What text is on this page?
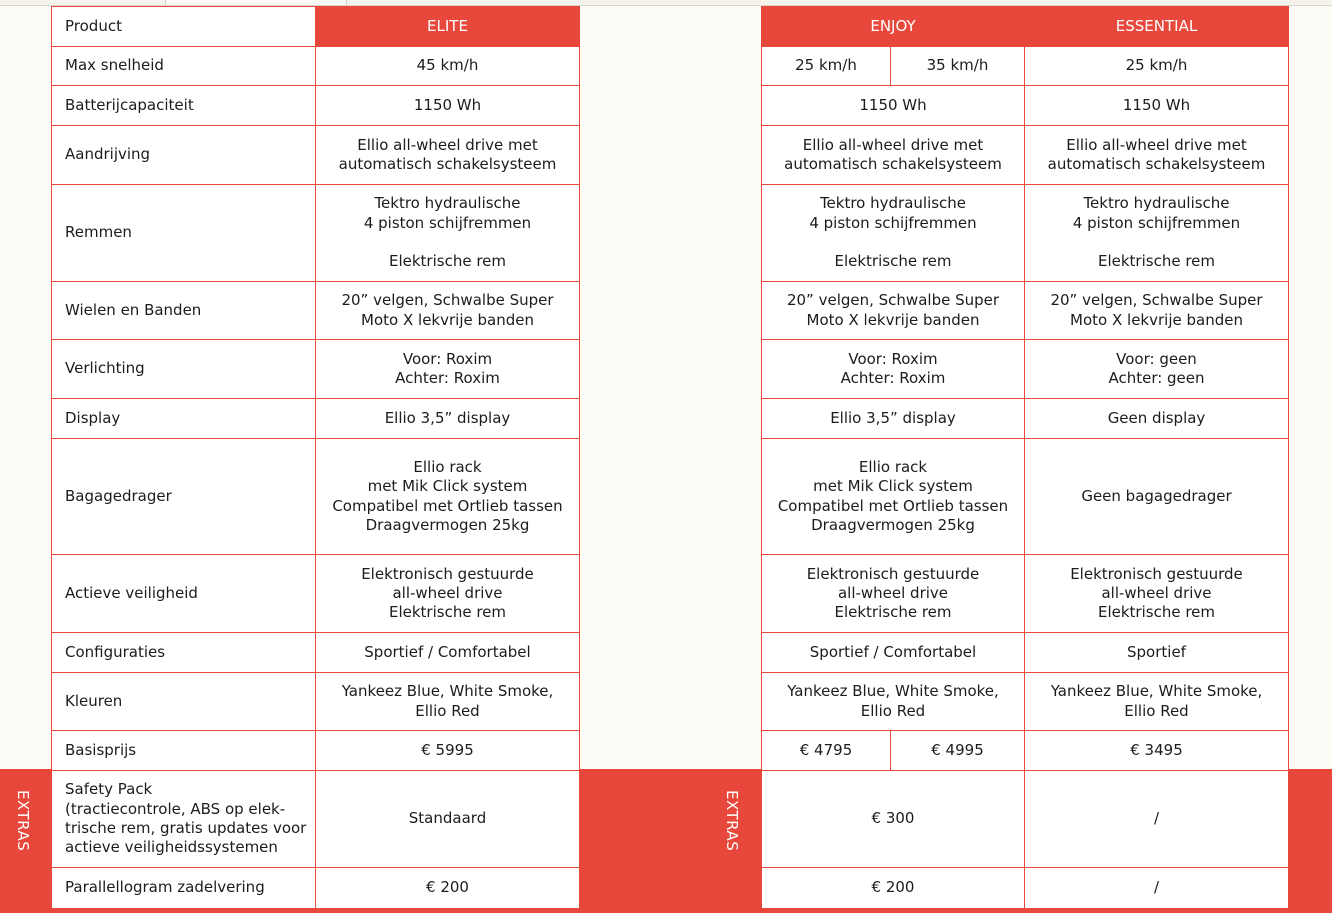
EXTRAS	EXTRAS
Product	ELITE
Max snelheid	45 km/h

Batterijcapaciteit	1150 Wh

Aandrijving	Ellio all-wheel drive met
automatisch schakelsysteem

Remmen	Tektro hydraulische
4 piston schijfremmen
Elektrische rem

Wielen en Banden	20” velgen, Schwalbe Super
Moto X lekvrije banden

Verlichting	Voor: Roxim
Achter: Roxim

Display	Ellio 3,5” display

Bagagedrager	Ellio rack
met Mik Click system
Compatibel met Ortlieb tassen
Draagvermogen 25kg

Actieve veiligheid	Elektronisch gestuurde
all-wheel drive
Elektrische rem

Configuraties	Sportief / Comfortabel

Kleuren	Yankeez Blue, White Smoke,
Ellio Red

Basisprijs	€ 5995

Safety Pack
(tractiecontrole, ABS op elek-
trische rem, gratis updates voor
actieve veiligheidssystemen	Standaard

Parallellogram zadelvering	€ 200
ENJOY		ESSENTIAL
25 km/h	35 km/h	25 km/h

1150 Wh		1150 Wh

Ellio all-wheel drive met
automatisch schakelsysteem		Ellio all-wheel drive met
automatisch schakelsysteem

Tektro hydraulische
4 piston schijfremmen
Elektrische rem		Tektro hydraulische
4 piston schijfremmen
Elektrische rem

20” velgen, Schwalbe Super
Moto X lekvrije banden		20” velgen, Schwalbe Super
Moto X lekvrije banden

Voor: Roxim
Achter: Roxim		Voor: geen
Achter: geen

Ellio 3,5” display		Geen display

Ellio rack
met Mik Click system
Compatibel met Ortlieb tassen
Draagvermogen 25kg		Geen bagagedrager

Elektronisch gestuurde
all-wheel drive
Elektrische rem		Elektronisch gestuurde
all-wheel drive
Elektrische rem

Sportief / Comfortabel		Sportief

Yankeez Blue, White Smoke,
Ellio Red		Yankeez Blue, White Smoke,
Ellio Red

€ 4795	€ 4995	€ 3495

€ 300		/

€ 200		/
